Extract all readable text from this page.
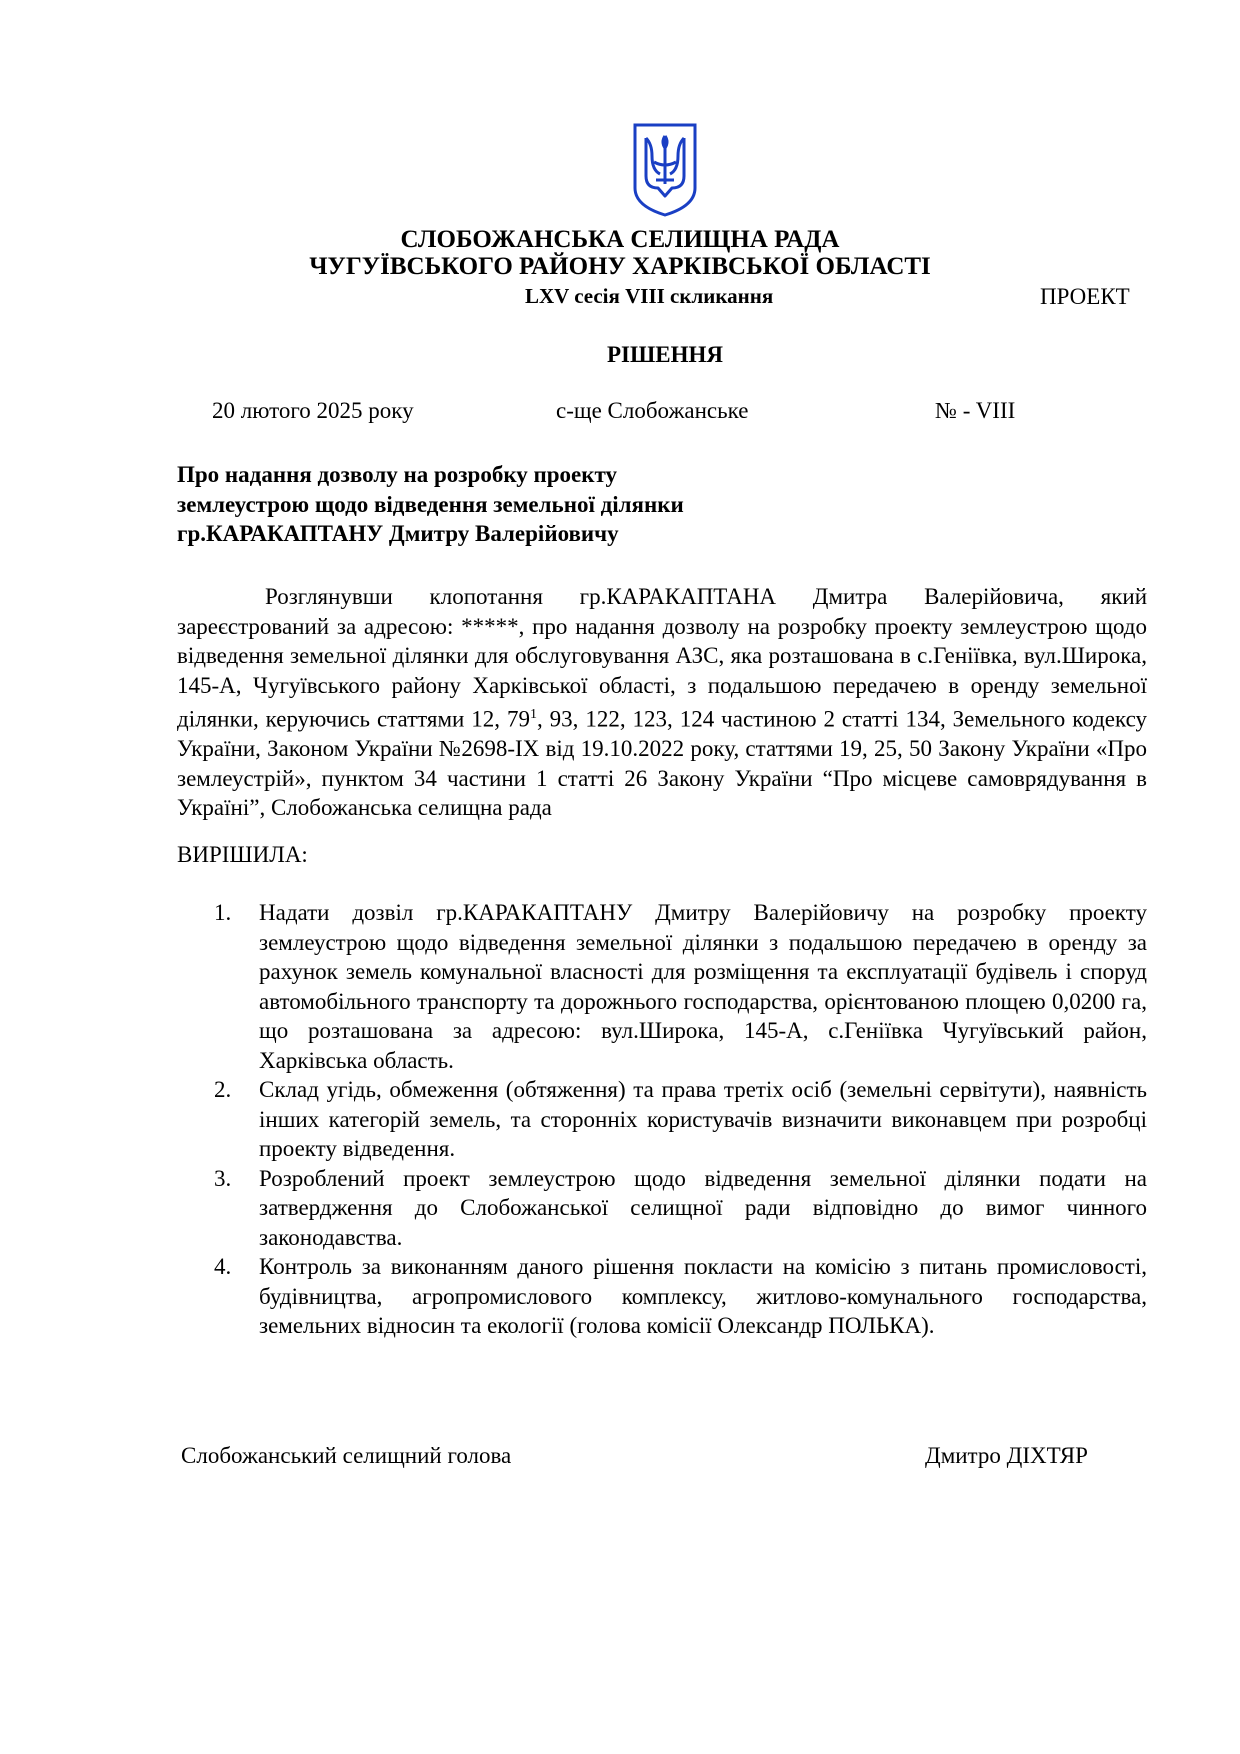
СЛОБОЖАНСЬКА СЕЛИЩНА РАДА
ЧУГУЇВСЬКОГО РАЙОНУ ХАРКІВСЬКОЇ ОБЛАСТІ
LXV сесія VIII скликання	ПРОЕКТ
РІШЕННЯ
20 лютого 2025 року	с-ще Слобожанське	№ - VIII
Про надання дозволу на розробку проекту
землеустрою щодо відведення земельної ділянки
гр.КАРАКАПТАНУ Дмитру Валерійовичу
Розглянувши клопотання гр.КАРАКАПТАНА Дмитра Валерійовича, який зареєстрований за адресою: *****, про надання дозволу на розробку проекту землеустрою щодо відведення земельної ділянки для обслуговування АЗС, яка розташована в с.Геніївка, вул.Широка, 145-А, Чугуївського району Харківської області, з подальшою передачею в оренду земельної ділянки, керуючись статтями 12, $79^1$, 93, 122, 123, 124 частиною 2 статті 134, Земельного кодексу України, Законом України №2698-IX від 19.10.2022 року, статтями 19, 25, 50 Закону України «Про землеустрій», пунктом 34 частини 1 статті 26 Закону України “Про місцеве самоврядування в Україні”, Слобожанська селищна рада
ВИРІШИЛА:
1.	Надати дозвіл гр.КАРАКАПТАНУ Дмитру Валерійовичу на розробку проекту землеустрою щодо відведення земельної ділянки з подальшою передачею в оренду за рахунок земель комунальної власності для розміщення та експлуатації будівель і споруд автомобільного транспорту та дорожнього господарства, орієнтованою площею 0,0200 га, що розташована за адресою: вул.Широка, 145-А, с.Геніївка Чугуївський район, Харківська область.
2.	Склад угідь, обмеження (обтяження) та права третіх осіб (земельні сервітути), наявність інших категорій земель, та сторонніх користувачів визначити виконавцем при розробці проекту відведення.
3.	Розроблений проект землеустрою щодо відведення земельної ділянки подати на затвердження до Слобожанської селищної ради відповідно до вимог чинного законодавства.
4.	Контроль за виконанням даного рішення покласти на комісію з питань промисловості, будівництва, агропромислового комплексу, житлово-комунального господарства, земельних відносин та екології (голова комісії Олександр ПОЛЬКА).
Слобожанський селищний голова	Дмитро ДІХТЯР
